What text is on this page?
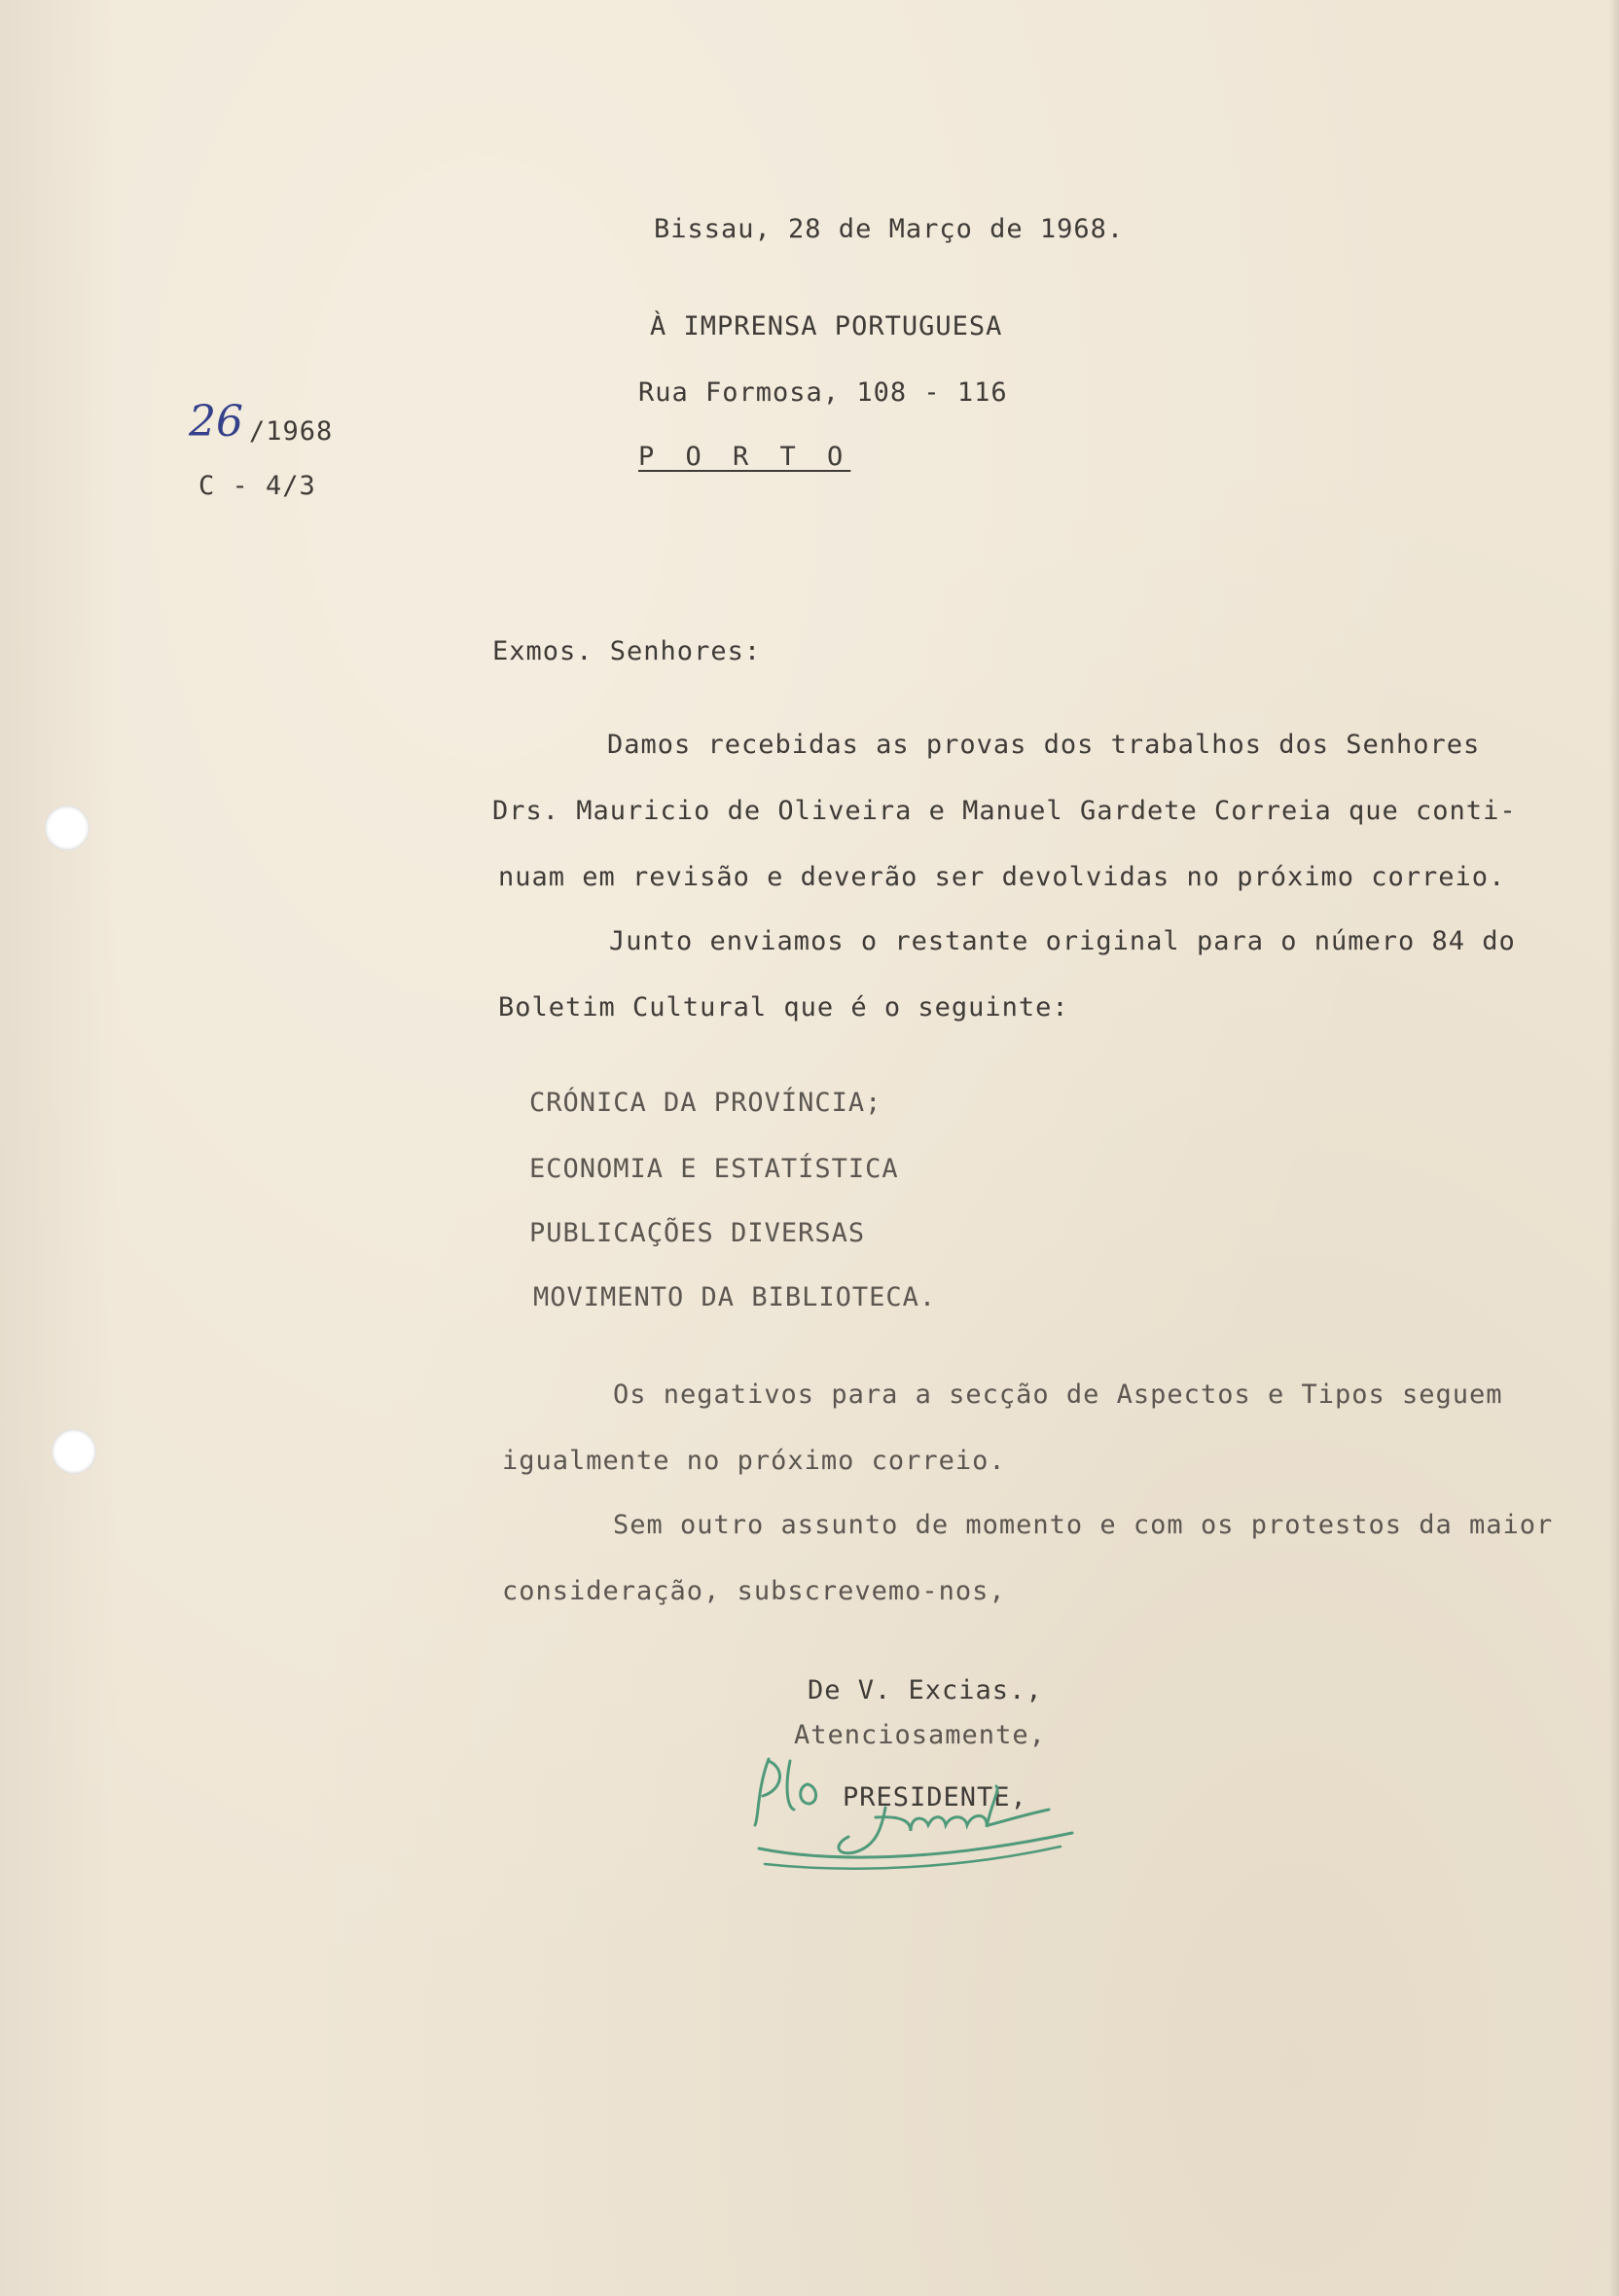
Bissau, 28 de Março de 1968.
À IMPRENSA PORTUGUESA
Rua Formosa, 108 - 116
P O R T O
26 /1968
C - 4/3
Exmos. Senhores:
Damos recebidas as provas dos trabalhos dos Senhores
Drs. Mauricio de Oliveira e Manuel Gardete Correia que conti-
nuam em revisão e deverão ser devolvidas no próximo correio.
Junto enviamos o restante original para o número 84 do
Boletim Cultural que é o seguinte:
CRÓNICA DA PROVÍNCIA;
ECONOMIA E ESTATÍSTICA
PUBLICAÇÕES DIVERSAS
MOVIMENTO DA BIBLIOTECA.
Os negativos para a secção de Aspectos e Tipos seguem
igualmente no próximo correio.
Sem outro assunto de momento e com os protestos da maior
consideração, subscrevemo-nos,
De V. Excias.,
Atenciosamente,
PRESIDENTE,
